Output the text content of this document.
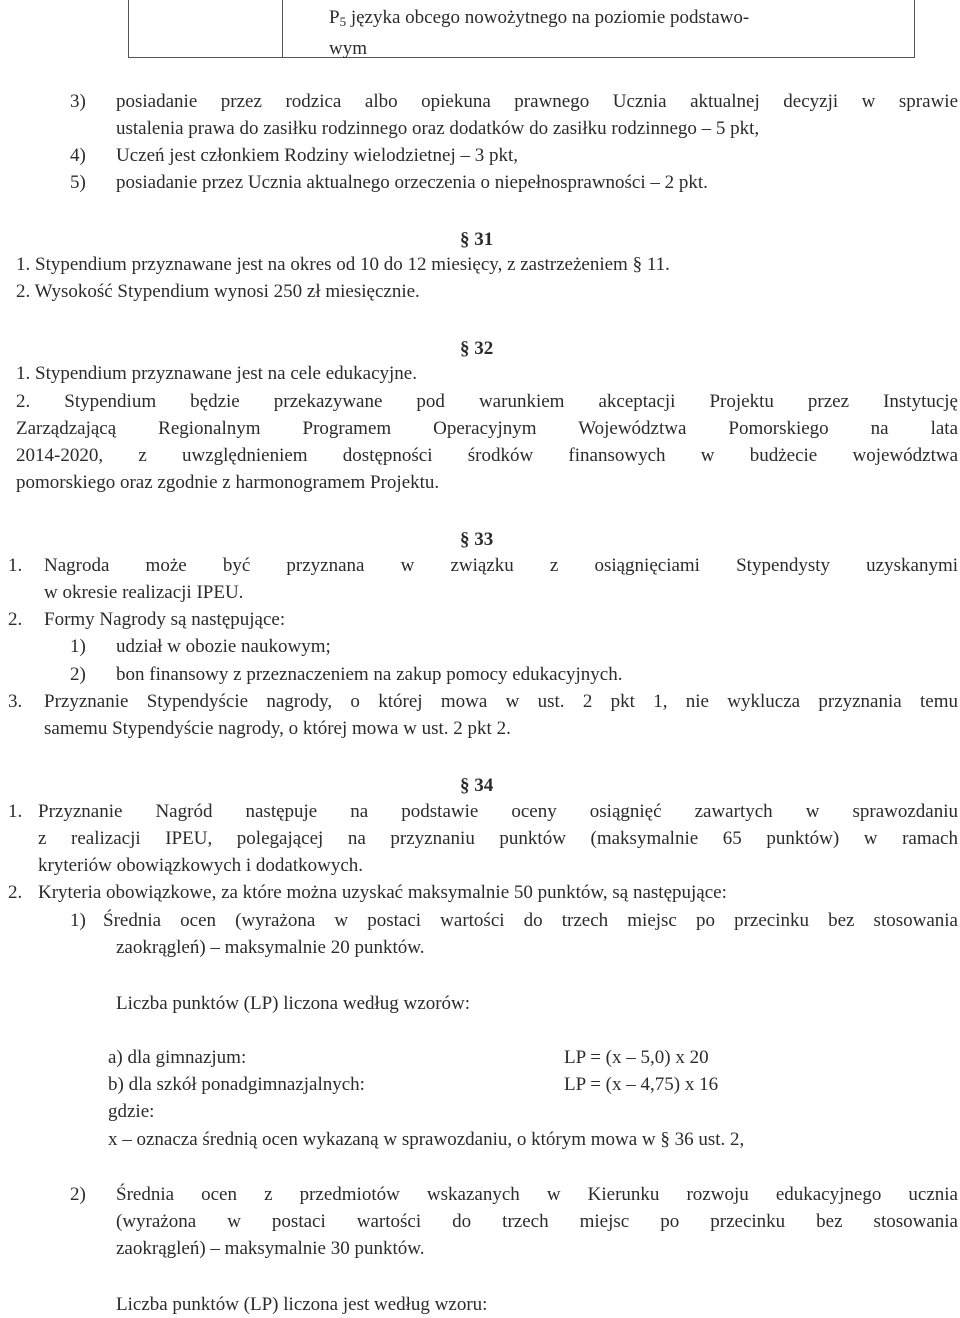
$P_5$ języka obcego nowożytnego na poziomie podstawo-
wym
3) posiadanie przez rodzica albo opiekuna prawnego Ucznia aktualnej decyzji w sprawie
ustalenia prawa do zasiłku rodzinnego oraz dodatków do zasiłku rodzinnego – 5 pkt,
4) Uczeń jest członkiem Rodziny wielodzietnej – 3 pkt,
5) posiadanie przez Ucznia aktualnego orzeczenia o niepełnosprawności – 2 pkt.
§ 31
1. Stypendium przyznawane jest na okres od 10 do 12 miesięcy, z zastrzeżeniem § 11.
2. Wysokość Stypendium wynosi 250 zł miesięcznie.
§ 32
1. Stypendium przyznawane jest na cele edukacyjne.
2. Stypendium będzie przekazywane pod warunkiem akceptacji Projektu przez Instytucję
Zarządzającą Regionalnym Programem Operacyjnym Województwa Pomorskiego na lata
2014-2020, z uwzględnieniem dostępności środków finansowych w budżecie województwa
pomorskiego oraz zgodnie z harmonogramem Projektu.
§ 33
1. Nagroda może być przyznana w związku z osiągnięciami Stypendysty uzyskanymi
w okresie realizacji IPEU.
2. Formy Nagrody są następujące:
1) udział w obozie naukowym;
2) bon finansowy z przeznaczeniem na zakup pomocy edukacyjnych.
3. Przyznanie Stypendyście nagrody, o której mowa w ust. 2 pkt 1, nie wyklucza przyznania temu
samemu Stypendyście nagrody, o której mowa w ust. 2 pkt 2.
§ 34
1. Przyznanie Nagród następuje na podstawie oceny osiągnięć zawartych w sprawozdaniu
z realizacji IPEU, polegającej na przyznaniu punktów (maksymalnie 65 punktów) w ramach
kryteriów obowiązkowych i dodatkowych.
2. Kryteria obowiązkowe, za które można uzyskać maksymalnie 50 punktów, są następujące:
1) Średnia ocen (wyrażona w postaci wartości do trzech miejsc po przecinku bez stosowania
zaokrągleń) – maksymalnie 20 punktów.
Liczba punktów (LP) liczona według wzorów:
a) dla gimnazjum:	LP = (x – 5,0) x 20
b) dla szkół ponadgimnazjalnych:	LP = (x – 4,75) x 16
gdzie:
x – oznacza średnią ocen wykazaną w sprawozdaniu, o którym mowa w § 36 ust. 2,
2) Średnia ocen z przedmiotów wskazanych w Kierunku rozwoju edukacyjnego ucznia
(wyrażona w postaci wartości do trzech miejsc po przecinku bez stosowania
zaokrągleń) – maksymalnie 30 punktów.
Liczba punktów (LP) liczona jest według wzoru:
